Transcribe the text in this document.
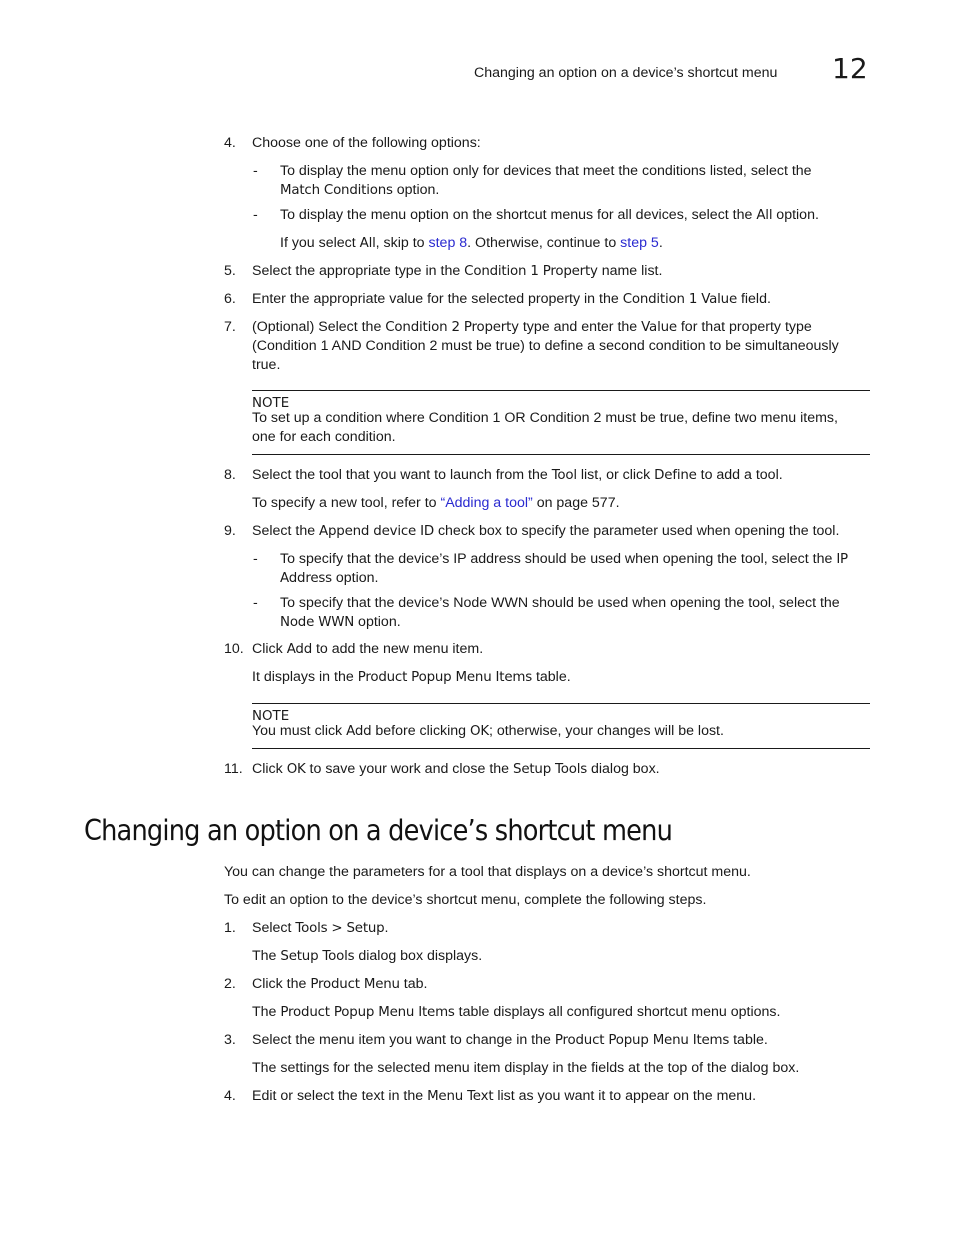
Changing an option on a device’s shortcut menu 12
4.	Choose one of the following options:
- To display the menu option only for devices that meet the conditions listed, select the
Match Conditions option.
- To display the menu option on the shortcut menus for all devices, select the All option.
If you select All, skip to step 8. Otherwise, continue to step 5.
5.	Select the appropriate type in the Condition 1 Property name list.
6.	Enter the appropriate value for the selected property in the Condition 1 Value field.
7.	(Optional) Select the Condition 2 Property type and enter the Value for that property type
(Condition 1 AND Condition 2 must be true) to define a second condition to be simultaneously
true.
NOTE
To set up a condition where Condition 1 OR Condition 2 must be true, define two menu items,
one for each condition.
8.	Select the tool that you want to launch from the Tool list, or click Define to add a tool.
To specify a new tool, refer to “Adding a tool” on page 577.
9.	Select the Append device ID check box to specify the parameter used when opening the tool.
- To specify that the device’s IP address should be used when opening the tool, select the IP
Address option.
- To specify that the device’s Node WWN should be used when opening the tool, select the
Node WWN option.
10. Click Add to add the new menu item.
It displays in the Product Popup Menu Items table.
NOTE
You must click Add before clicking OK; otherwise, your changes will be lost.
11. Click OK to save your work and close the Setup Tools dialog box.
Changing an option on a device’s shortcut menu
You can change the parameters for a tool that displays on a device’s shortcut menu.
To edit an option to the device’s shortcut menu, complete the following steps.
1.	Select Tools > Setup.
The Setup Tools dialog box displays.
2.	Click the Product Menu tab.
The Product Popup Menu Items table displays all configured shortcut menu options.
3.	Select the menu item you want to change in the Product Popup Menu Items table.
The settings for the selected menu item display in the fields at the top of the dialog box.
4.	Edit or select the text in the Menu Text list as you want it to appear on the menu.
